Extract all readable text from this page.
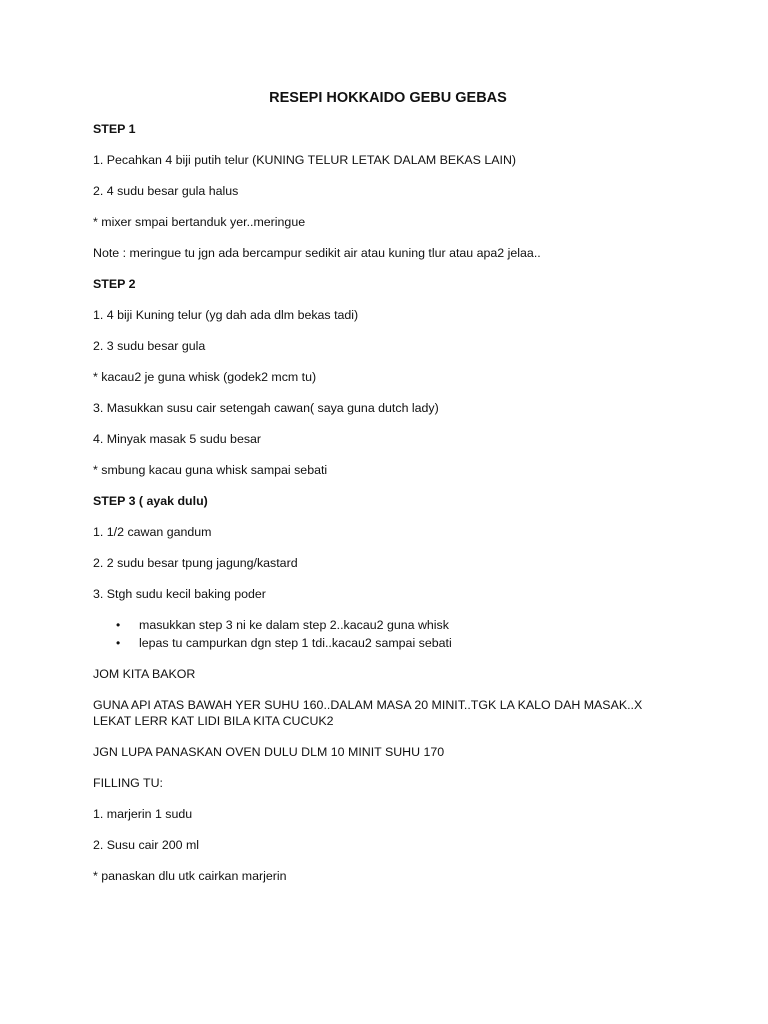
RESEPI HOKKAIDO GEBU GEBAS
STEP 1
1. Pecahkan 4 biji putih telur (KUNING TELUR LETAK DALAM BEKAS LAIN)
2. 4 sudu besar gula halus
* mixer smpai bertanduk yer..meringue
Note : meringue tu jgn ada bercampur sedikit air atau kuning tlur atau apa2 jelaa..
STEP 2
1. 4 biji Kuning telur (yg dah ada dlm bekas tadi)
2. 3 sudu besar gula
* kacau2 je guna whisk (godek2 mcm tu)
3. Masukkan susu cair setengah cawan( saya guna dutch lady)
4. Minyak masak 5 sudu besar
* smbung kacau guna whisk sampai sebati
STEP 3 ( ayak dulu)
1. 1/2 cawan gandum
2. 2 sudu besar tpung jagung/kastard
3. Stgh sudu kecil baking poder
• masukkan step 3 ni ke dalam step 2..kacau2 guna whisk
• lepas tu campurkan dgn step 1 tdi..kacau2 sampai sebati
JOM KITA BAKOR
GUNA API ATAS BAWAH YER SUHU 160..DALAM MASA 20 MINIT..TGK LA KALO DAH MASAK..X LEKAT LERR KAT LIDI BILA KITA CUCUK2
JGN LUPA PANASKAN OVEN DULU DLM 10 MINIT SUHU 170
FILLING TU:
1. marjerin 1 sudu
2. Susu cair 200 ml
* panaskan dlu utk cairkan marjerin
